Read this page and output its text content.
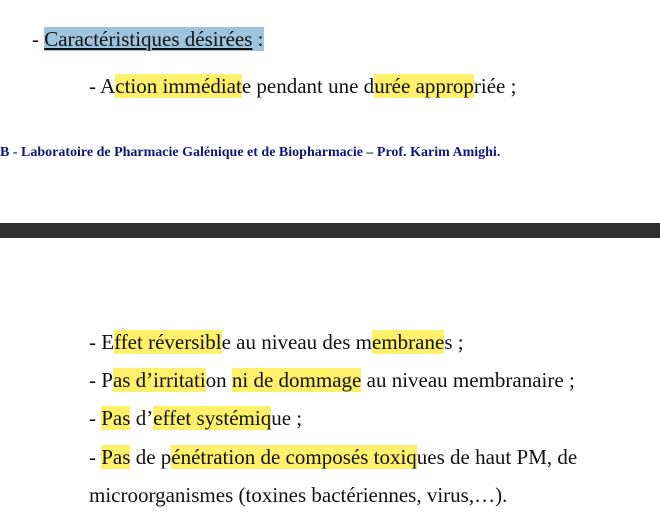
- Caractéristiques désirées :
- Action immédiate pendant une durée appropriée ;
B - Laboratoire de Pharmacie Galénique et de Biopharmacie – Prof. Karim Amighi.
- Effet réversible au niveau des membranes ;
- Pas d’irritation ni de dommage au niveau membranaire ;
- Pas d’effet systémique ;
- Pas de pénétration de composés toxiques de haut PM, de
microorganismes (toxines bactériennes, virus,…).
